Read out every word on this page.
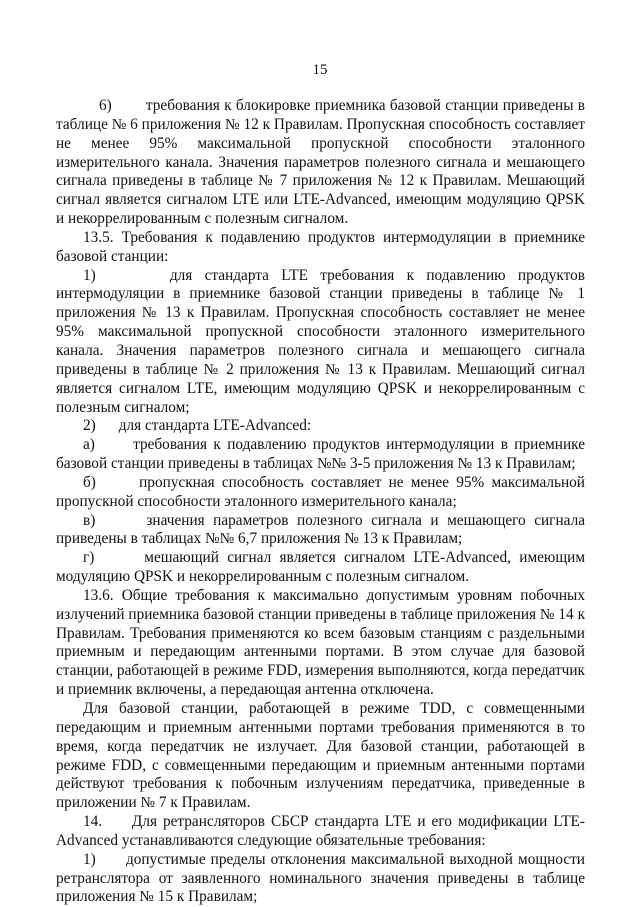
15

6)        требования к блокировке приемника базовой станции приведены в таблице № 6 приложения № 12 к Правилам. Пропускная способность составляет не менее 95% максимальной пропускной способности эталонного измерительного канала. Значения параметров полезного сигнала и мешающего сигнала приведены в таблице № 7 приложения № 12 к Правилам. Мешающий сигнал является сигналом LTE или LTE-Advanced, имеющим модуляцию QPSK и некоррелированным с полезным сигналом.

13.5. Требования к подавлению продуктов интермодуляции в приемнике базовой станции:

1)      для стандарта LTE требования к подавлению продуктов интермодуляции в приемнике базовой станции приведены в таблице № 1 приложения № 13 к Правилам. Пропускная способность составляет не менее 95% максимальной пропускной способности эталонного измерительного канала. Значения параметров полезного сигнала и мешающего сигнала приведены в таблице № 2 приложения № 13 к Правилам. Мешающий сигнал является сигналом LTE, имеющим модуляцию QPSK и некоррелированным с полезным сигналом;

2)      для стандарта LTE-Advanced:

а)      требования к подавлению продуктов интермодуляции в приемнике базовой станции приведены в таблицах №№ 3-5 приложения № 13 к Правилам;

б)      пропускная способность составляет не менее 95% максимальной пропускной способности эталонного измерительного канала;

в)      значения параметров полезного сигнала и мешающего сигнала приведены в таблицах №№ 6,7 приложения № 13 к Правилам;

г)      мешающий сигнал является сигналом LTE-Advanced, имеющим модуляцию QPSK и некоррелированным с полезным сигналом.

13.6. Общие требования к максимально допустимым уровням побочных излучений приемника базовой станции приведены в таблице приложения № 14 к Правилам. Требования применяются ко всем базовым станциям с раздельными приемным и передающим антенными портами. В этом случае для базовой станции, работающей в режиме FDD, измерения выполняются, когда передатчик и приемник включены, а передающая антенна отключена.

Для базовой станции, работающей в режиме TDD, с совмещенными передающим и приемным антенными портами требования применяются в то время, когда передатчик не излучает. Для базовой станции, работающей в режиме FDD, с совмещенными передающим и приемным антенными портами действуют требования к побочным излучениям передатчика, приведенные в приложении № 7 к Правилам.

14.     Для ретрансляторов СБСР стандарта LTE и его модификации LTE-Advanced устанавливаются следующие обязательные требования:

1)      допустимые пределы отклонения максимальной выходной мощности ретранслятора от заявленного номинального значения приведены в таблице приложения № 15 к Правилам;
